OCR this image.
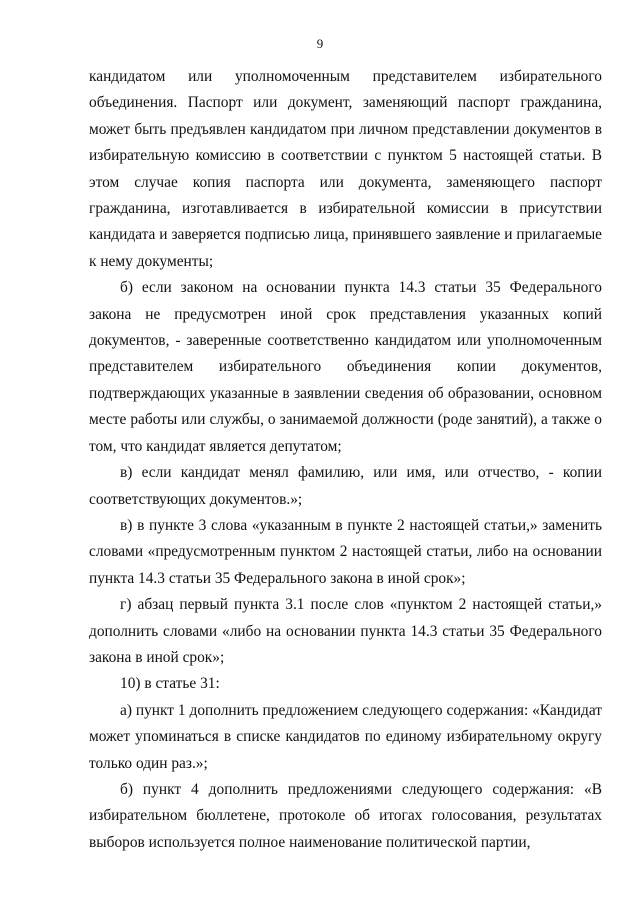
9

кандидатом или уполномоченным представителем избирательного объединения. Паспорт или документ, заменяющий паспорт гражданина, может быть предъявлен кандидатом при личном представлении документов в избирательную комиссию в соответствии с пунктом 5 настоящей статьи. В этом случае копия паспорта или документа, заменяющего паспорт гражданина, изготавливается в избирательной комиссии в присутствии кандидата и заверяется подписью лица, принявшего заявление и прилагаемые к нему документы;

б) если законом на основании пункта 14.3 статьи 35 Федерального закона не предусмотрен иной срок представления указанных копий документов, - заверенные соответственно кандидатом или уполномоченным представителем избирательного объединения копии документов, подтверждающих указанные в заявлении сведения об образовании, основном месте работы или службы, о занимаемой должности (роде занятий), а также о том, что кандидат является депутатом;

в) если кандидат менял фамилию, или имя, или отчество, - копии соответствующих документов.»;

в) в пункте 3 слова «указанным в пункте 2 настоящей статьи,» заменить словами «предусмотренным пунктом 2 настоящей статьи, либо на основании пункта 14.3 статьи 35 Федерального закона в иной срок»;

г) абзац первый пункта 3.1 после слов «пунктом 2 настоящей статьи,» дополнить словами «либо на основании пункта 14.3 статьи 35 Федерального закона в иной срок»;

10) в статье 31:

а) пункт 1 дополнить предложением следующего содержания: «Кандидат может упоминаться в списке кандидатов по единому избирательному округу только один раз.»;

б) пункт 4 дополнить предложениями следующего содержания: «В избирательном бюллетене, протоколе об итогах голосования, результатах выборов используется полное наименование политической партии,
